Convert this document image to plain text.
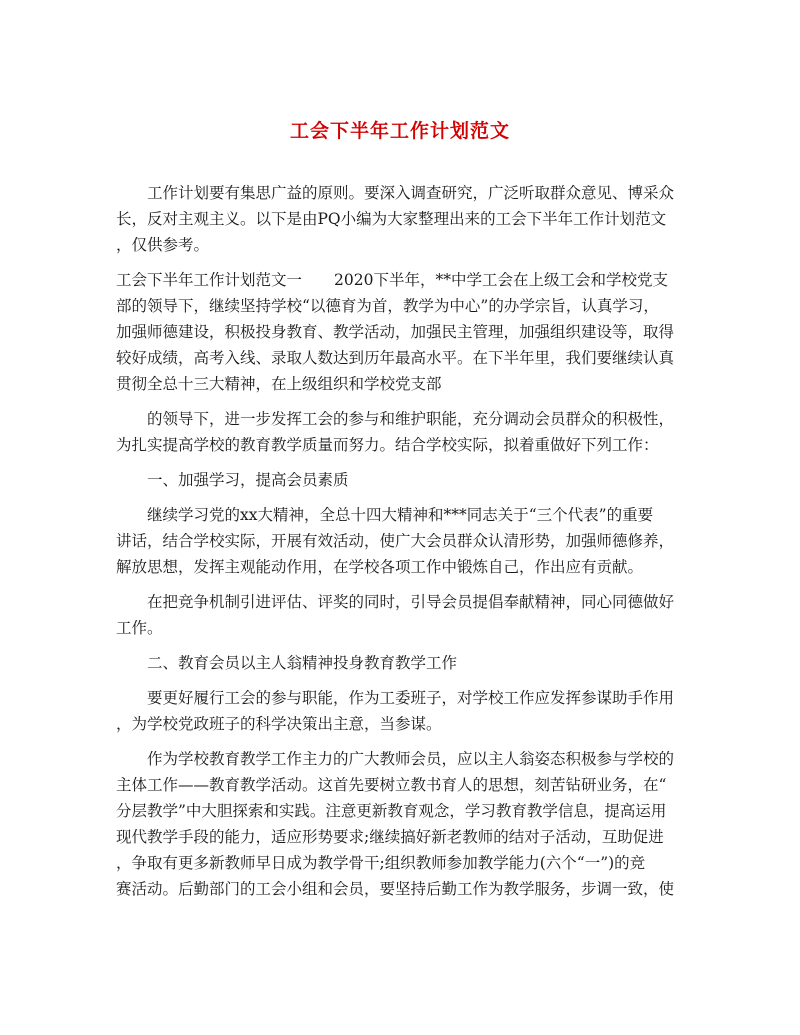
工会下半年工作计划范文
工作计划要有集思广益的原则。要深入调查研究，广泛听取群众意见、博采众
长，反对主观主义。以下是由PQ小编为大家整理出来的工会下半年工作计划范文
，仅供参考。
工会下半年工作计划范文一 2020下半年，**中学工会在上级工会和学校党支
部的领导下，继续坚持学校“以德育为首，教学为中心”的办学宗旨，认真学习，
加强师德建设，积极投身教育、教学活动，加强民主管理，加强组织建设等，取得
较好成绩，高考入线、录取人数达到历年最高水平。在下半年里，我们要继续认真
贯彻全总十三大精神，在上级组织和学校党支部
的领导下，进一步发挥工会的参与和维护职能，充分调动会员群众的积极性，
为扎实提高学校的教育教学质量而努力。结合学校实际，拟着重做好下列工作：
一、加强学习，提高会员素质
继续学习党的xx大精神，全总十四大精神和***同志关于“三个代表”的重要
讲话，结合学校实际，开展有效活动，使广大会员群众认清形势，加强师德修养，
解放思想，发挥主观能动作用，在学校各项工作中锻炼自己，作出应有贡献。
在把竞争机制引进评估、评奖的同时，引导会员提倡奉献精神，同心同德做好
工作。
二、教育会员以主人翁精神投身教育教学工作
要更好履行工会的参与职能，作为工委班子，对学校工作应发挥参谋助手作用
，为学校党政班子的科学决策出主意，当参谋。
作为学校教育教学工作主力的广大教师会员，应以主人翁姿态积极参与学校的
主体工作——教育教学活动。这首先要树立教书育人的思想，刻苦钻研业务，在“
分层教学”中大胆探索和实践。注意更新教育观念，学习教育教学信息，提高运用
现代教学手段的能力，适应形势要求;继续搞好新老教师的结对子活动，互助促进
，争取有更多新教师早日成为教学骨干;组织教师参加教学能力(六个“一”)的竞
赛活动。后勤部门的工会小组和会员，要坚持后勤工作为教学服务，步调一致，使
